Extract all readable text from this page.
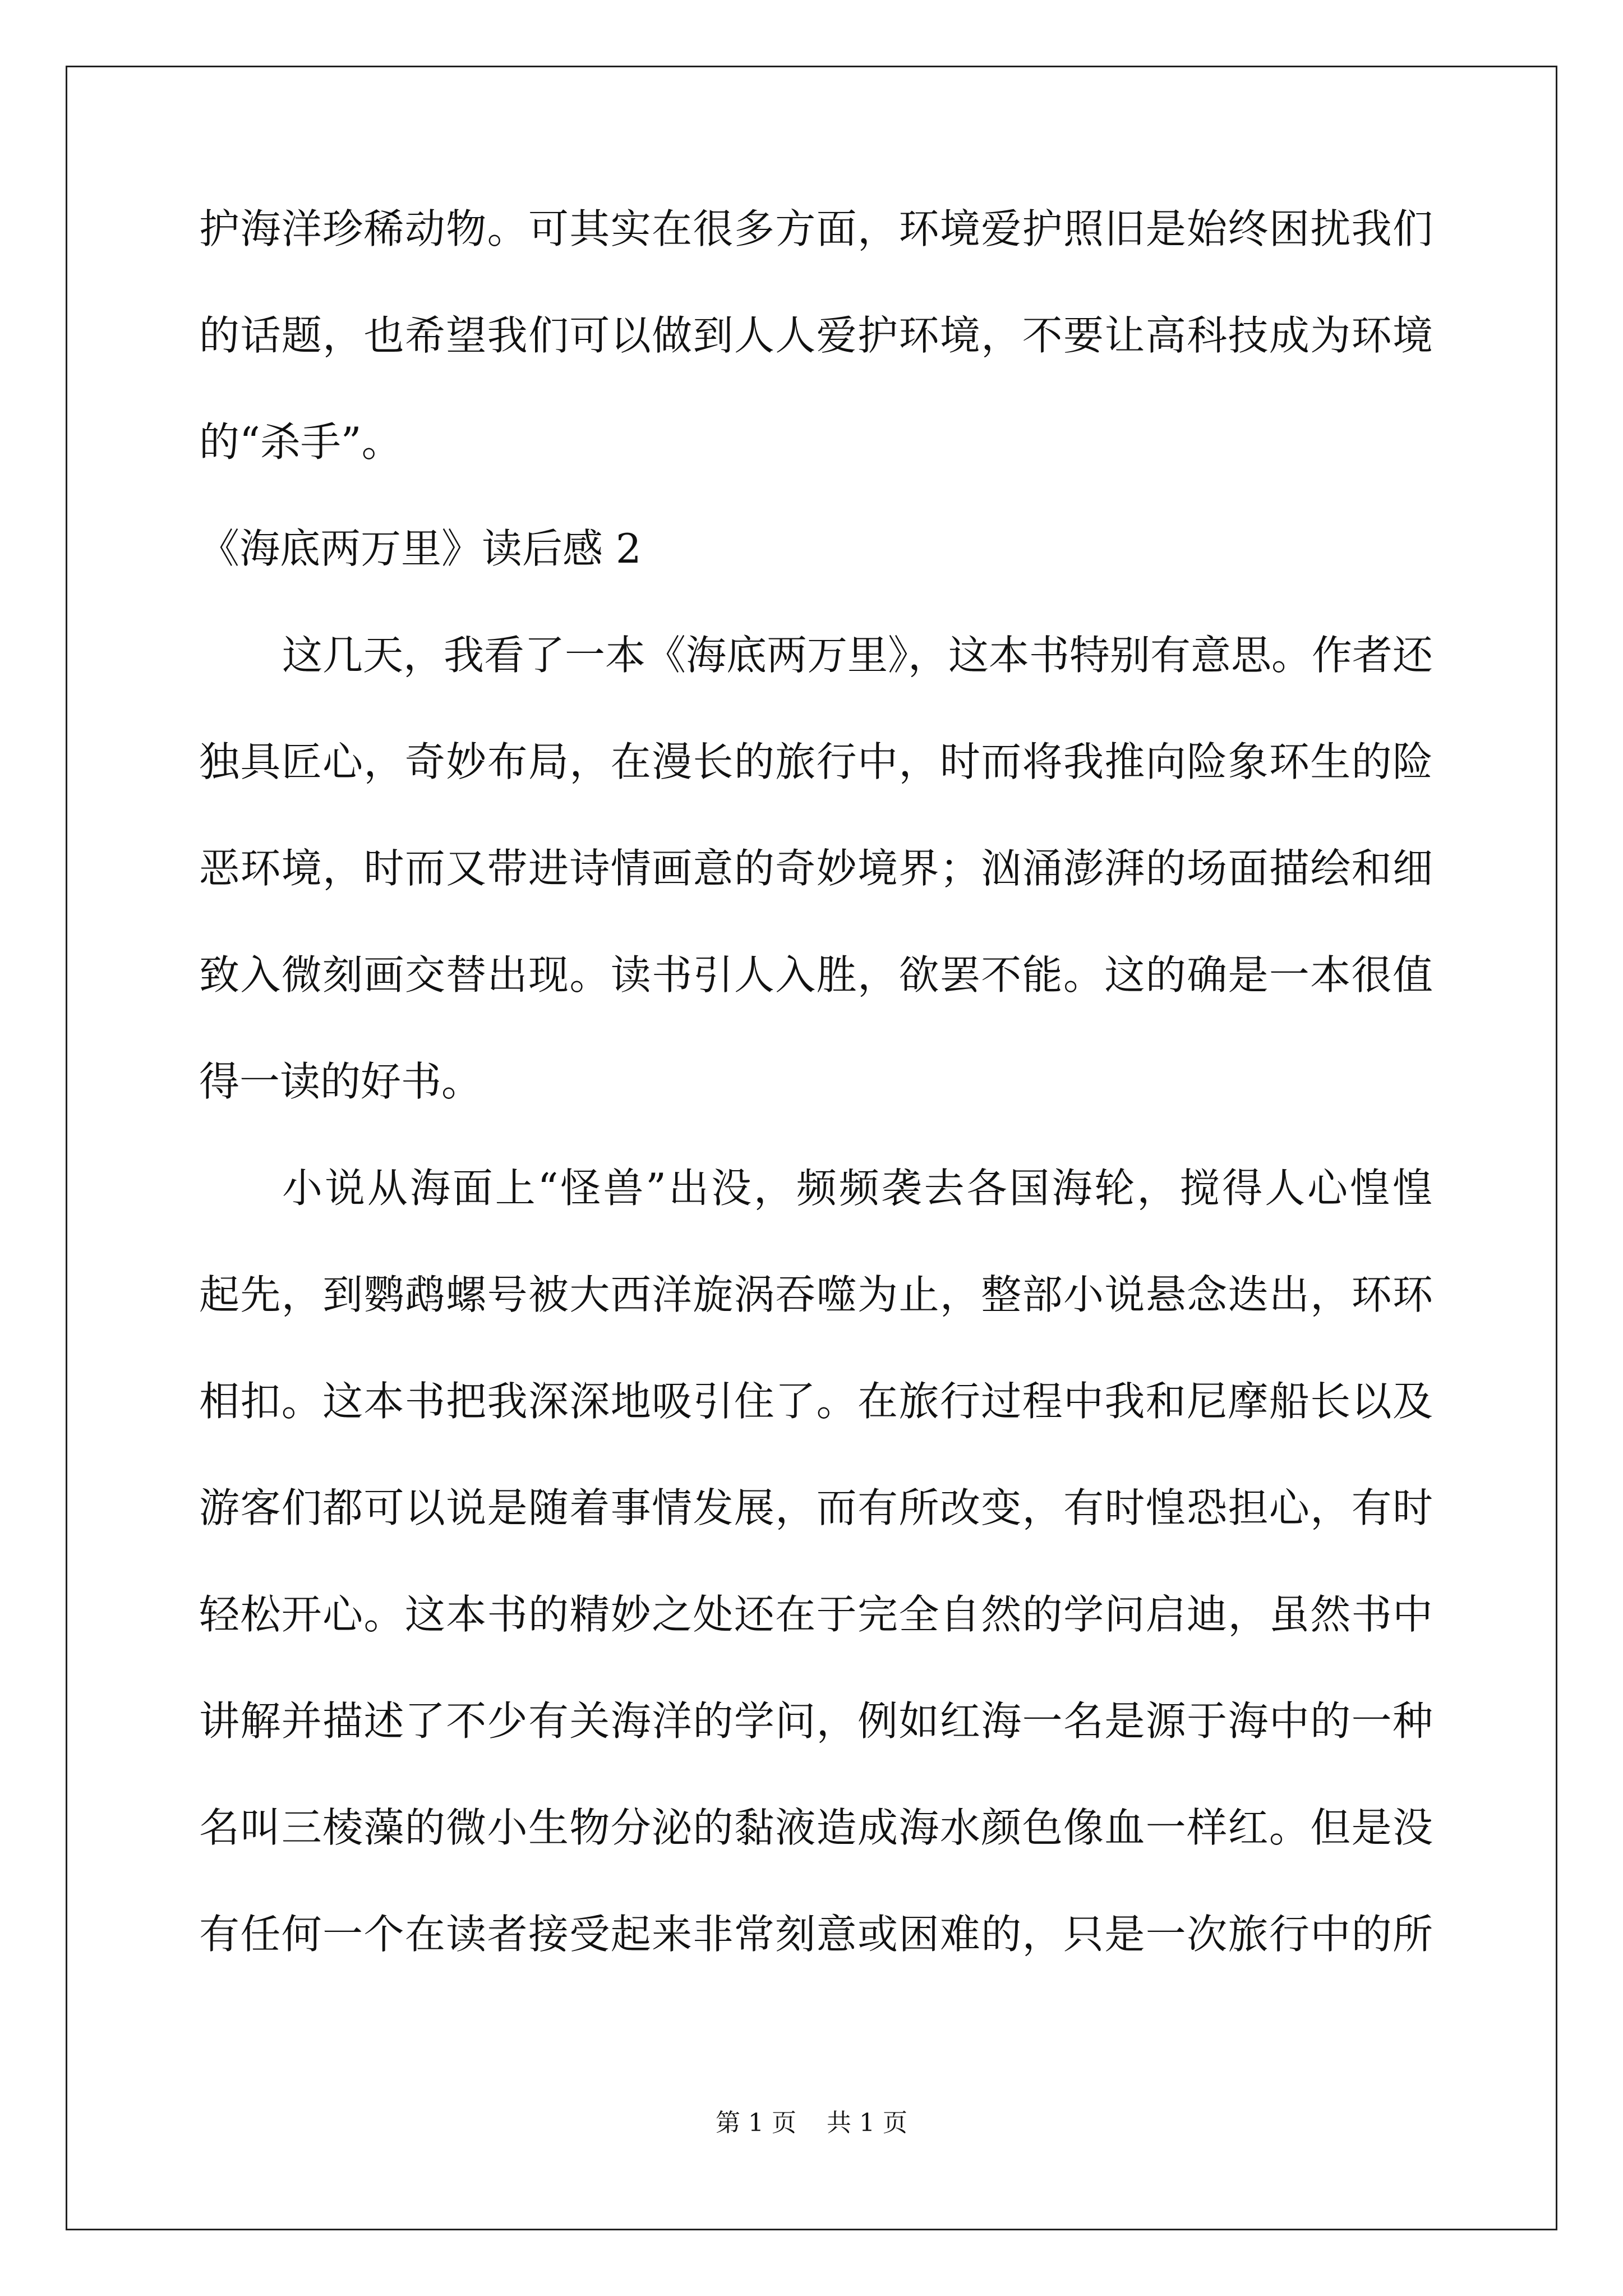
护海洋珍稀动物。可其实在很多方面，环境爱护照旧是始终困扰我们
的话题，也希望我们可以做到人人爱护环境，不要让高科技成为环境
的“杀手”。
《海底两万里》读后感 2
这几天，我看了一本《海底两万里》，这本书特别有意思。作者还
独具匠心，奇妙布局，在漫长的旅行中，时而将我推向险象环生的险
恶环境，时而又带进诗情画意的奇妙境界；汹涌澎湃的场面描绘和细
致入微刻画交替出现。读书引人入胜，欲罢不能。这的确是一本很值
得一读的好书。
小说从海面上“怪兽”出没，频频袭去各国海轮，搅得人心惶惶
起先，到鹦鹉螺号被大西洋旋涡吞噬为止，整部小说悬念迭出，环环
相扣。这本书把我深深地吸引住了。在旅行过程中我和尼摩船长以及
游客们都可以说是随着事情发展，而有所改变，有时惶恐担心，有时
轻松开心。这本书的精妙之处还在于完全自然的学问启迪，虽然书中
讲解并描述了不少有关海洋的学问，例如红海一名是源于海中的一种
名叫三棱藻的微小生物分泌的黏液造成海水颜色像血一样红。但是没
有任何一个在读者接受起来非常刻意或困难的，只是一次旅行中的所
第 1 页 共 1 页
